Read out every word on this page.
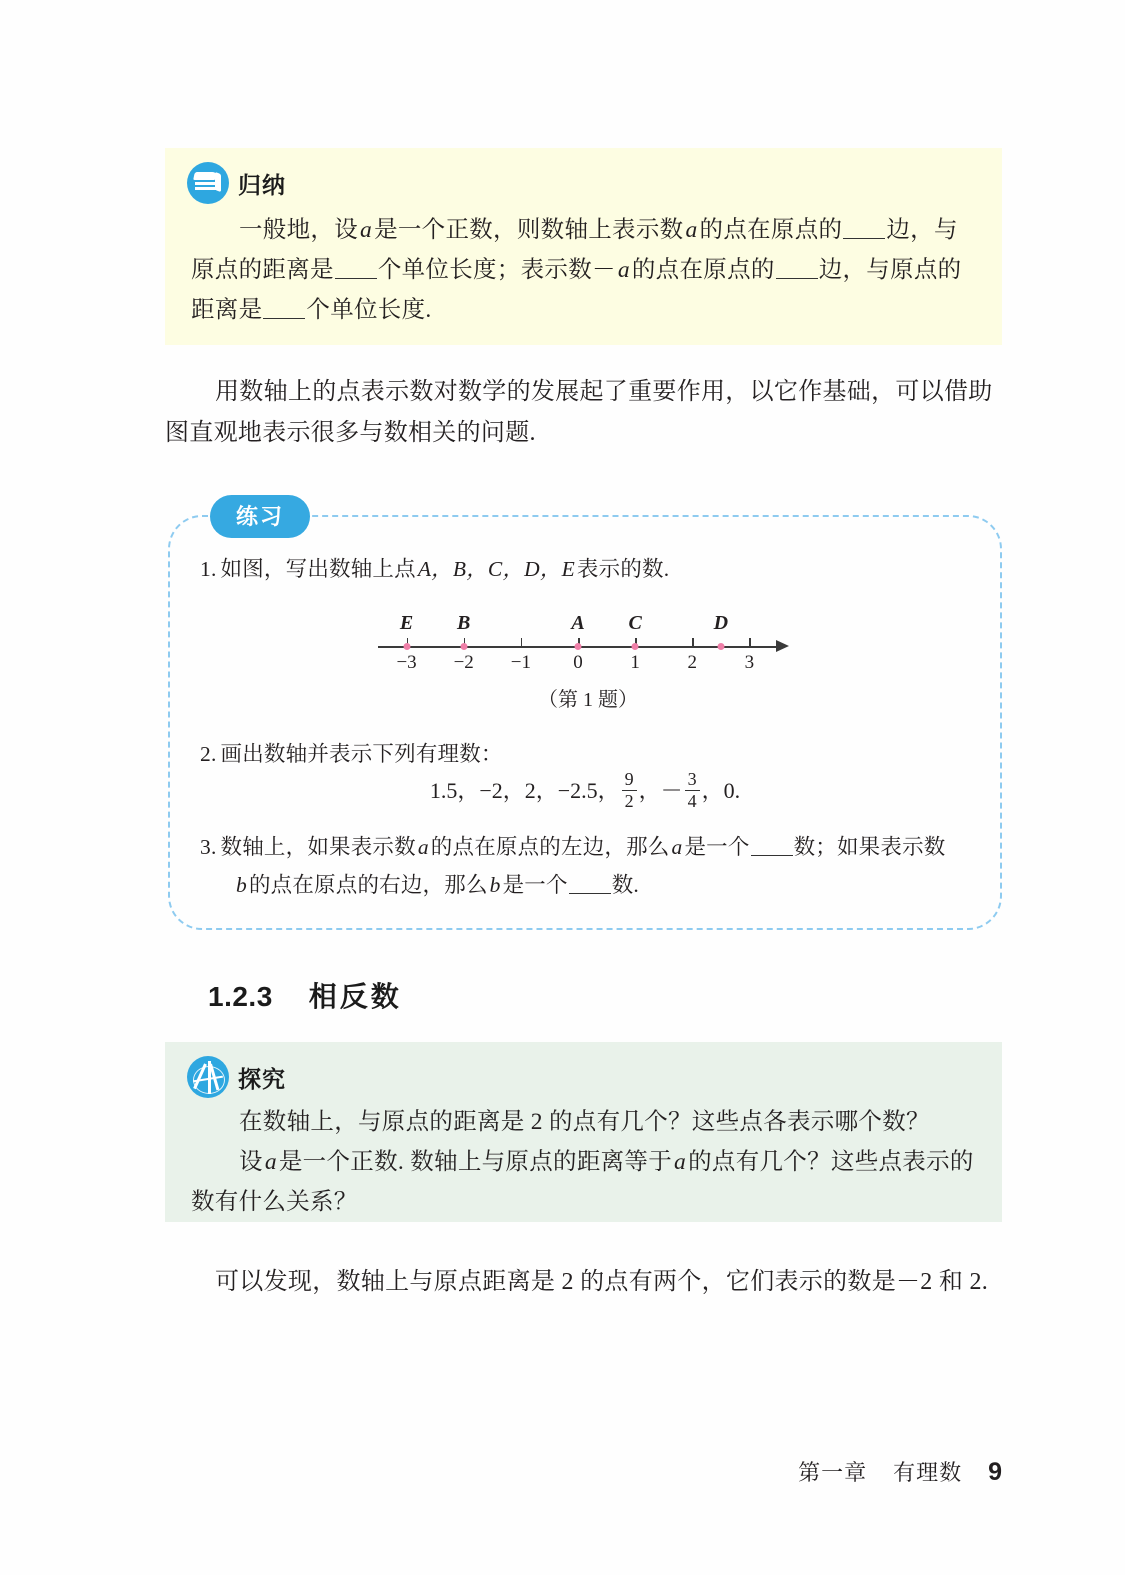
归纳
一般地，设a是一个正数，则数轴上表示数a的点在原点的 边，与原点的距离是 个单位长度；表示数－a的点在原点的 边，与原点的距离是 个单位长度.
用数轴上的点表示数对数学的发展起了重要作用，以它作基础，可以借助图直观地表示很多与数相关的问题.
练习
1. 如图，写出数轴上点A，B，C，D，E表示的数.
−3 −2 −1 0	1	2	3
E B	A C	D
（第 1 题）
2. 画出数轴并表示下列有理数：
1.5，−2，2，−2.5， $\frac{9}{2}$ ，－ $\frac{3}{4}$ ，0.
3. 数轴上，如果表示数a的点在原点的左边，那么a是一个 数；如果表示数
b的点在原点的右边，那么b是一个 数.
1.2.3 相反数
探究
在数轴上，与原点的距离是 2 的点有几个？这些点各表示哪个数？
设a是一个正数. 数轴上与原点的距离等于a的点有几个？这些点表示的数有什么关系？
可以发现，数轴上与原点距离是 2 的点有两个，它们表示的数是－2 和 2.
第一章 有理数 9
